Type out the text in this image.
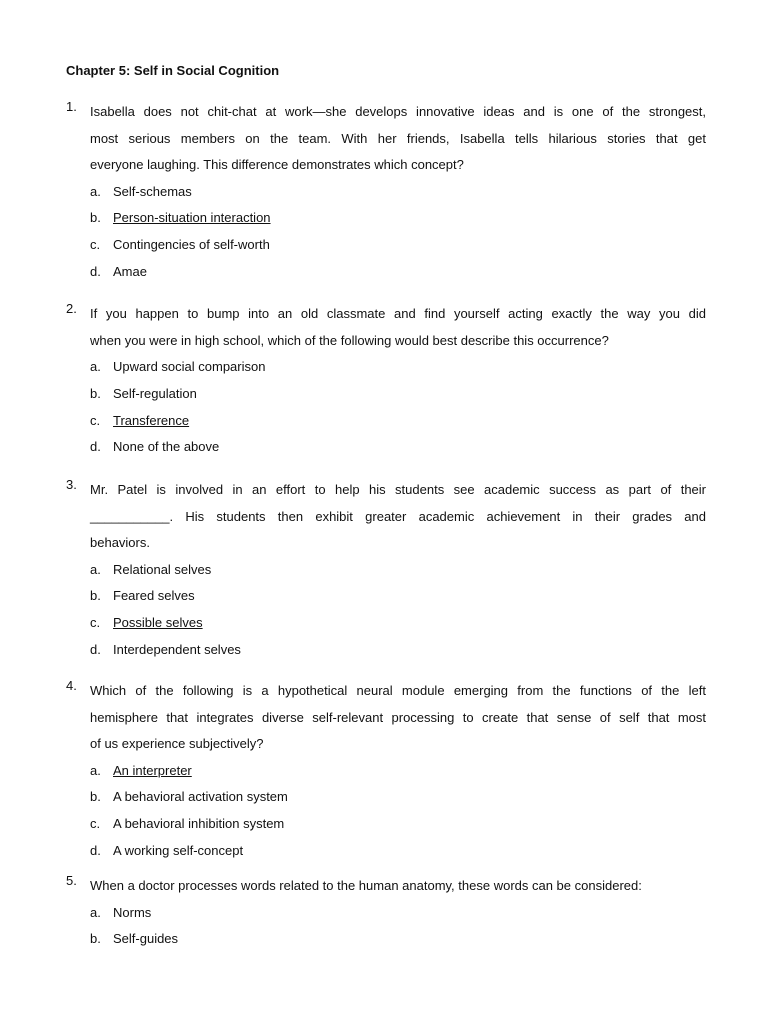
Chapter 5: Self in Social Cognition
1. Isabella does not chit-chat at work—she develops innovative ideas and is one of the strongest,
most serious members on the team. With her friends, Isabella tells hilarious stories that get
everyone laughing. This difference demonstrates which concept?
a. Self-schemas
b. Person-situation interaction
c. Contingencies of self-worth
d. Amae
2. If you happen to bump into an old classmate and find yourself acting exactly the way you did
when you were in high school, which of the following would best describe this occurrence?
a. Upward social comparison
b. Self-regulation
c. Transference
d. None of the above
3. Mr. Patel is involved in an effort to help his students see academic success as part of their
___________. His students then exhibit greater academic achievement in their grades and
behaviors.
a. Relational selves
b. Feared selves
c. Possible selves
d. Interdependent selves
4. Which of the following is a hypothetical neural module emerging from the functions of the left
hemisphere that integrates diverse self-relevant processing to create that sense of self that most
of us experience subjectively?
a. An interpreter
b. A behavioral activation system
c. A behavioral inhibition system
d. A working self-concept
5. When a doctor processes words related to the human anatomy, these words can be considered:
a. Norms
b. Self-guides
